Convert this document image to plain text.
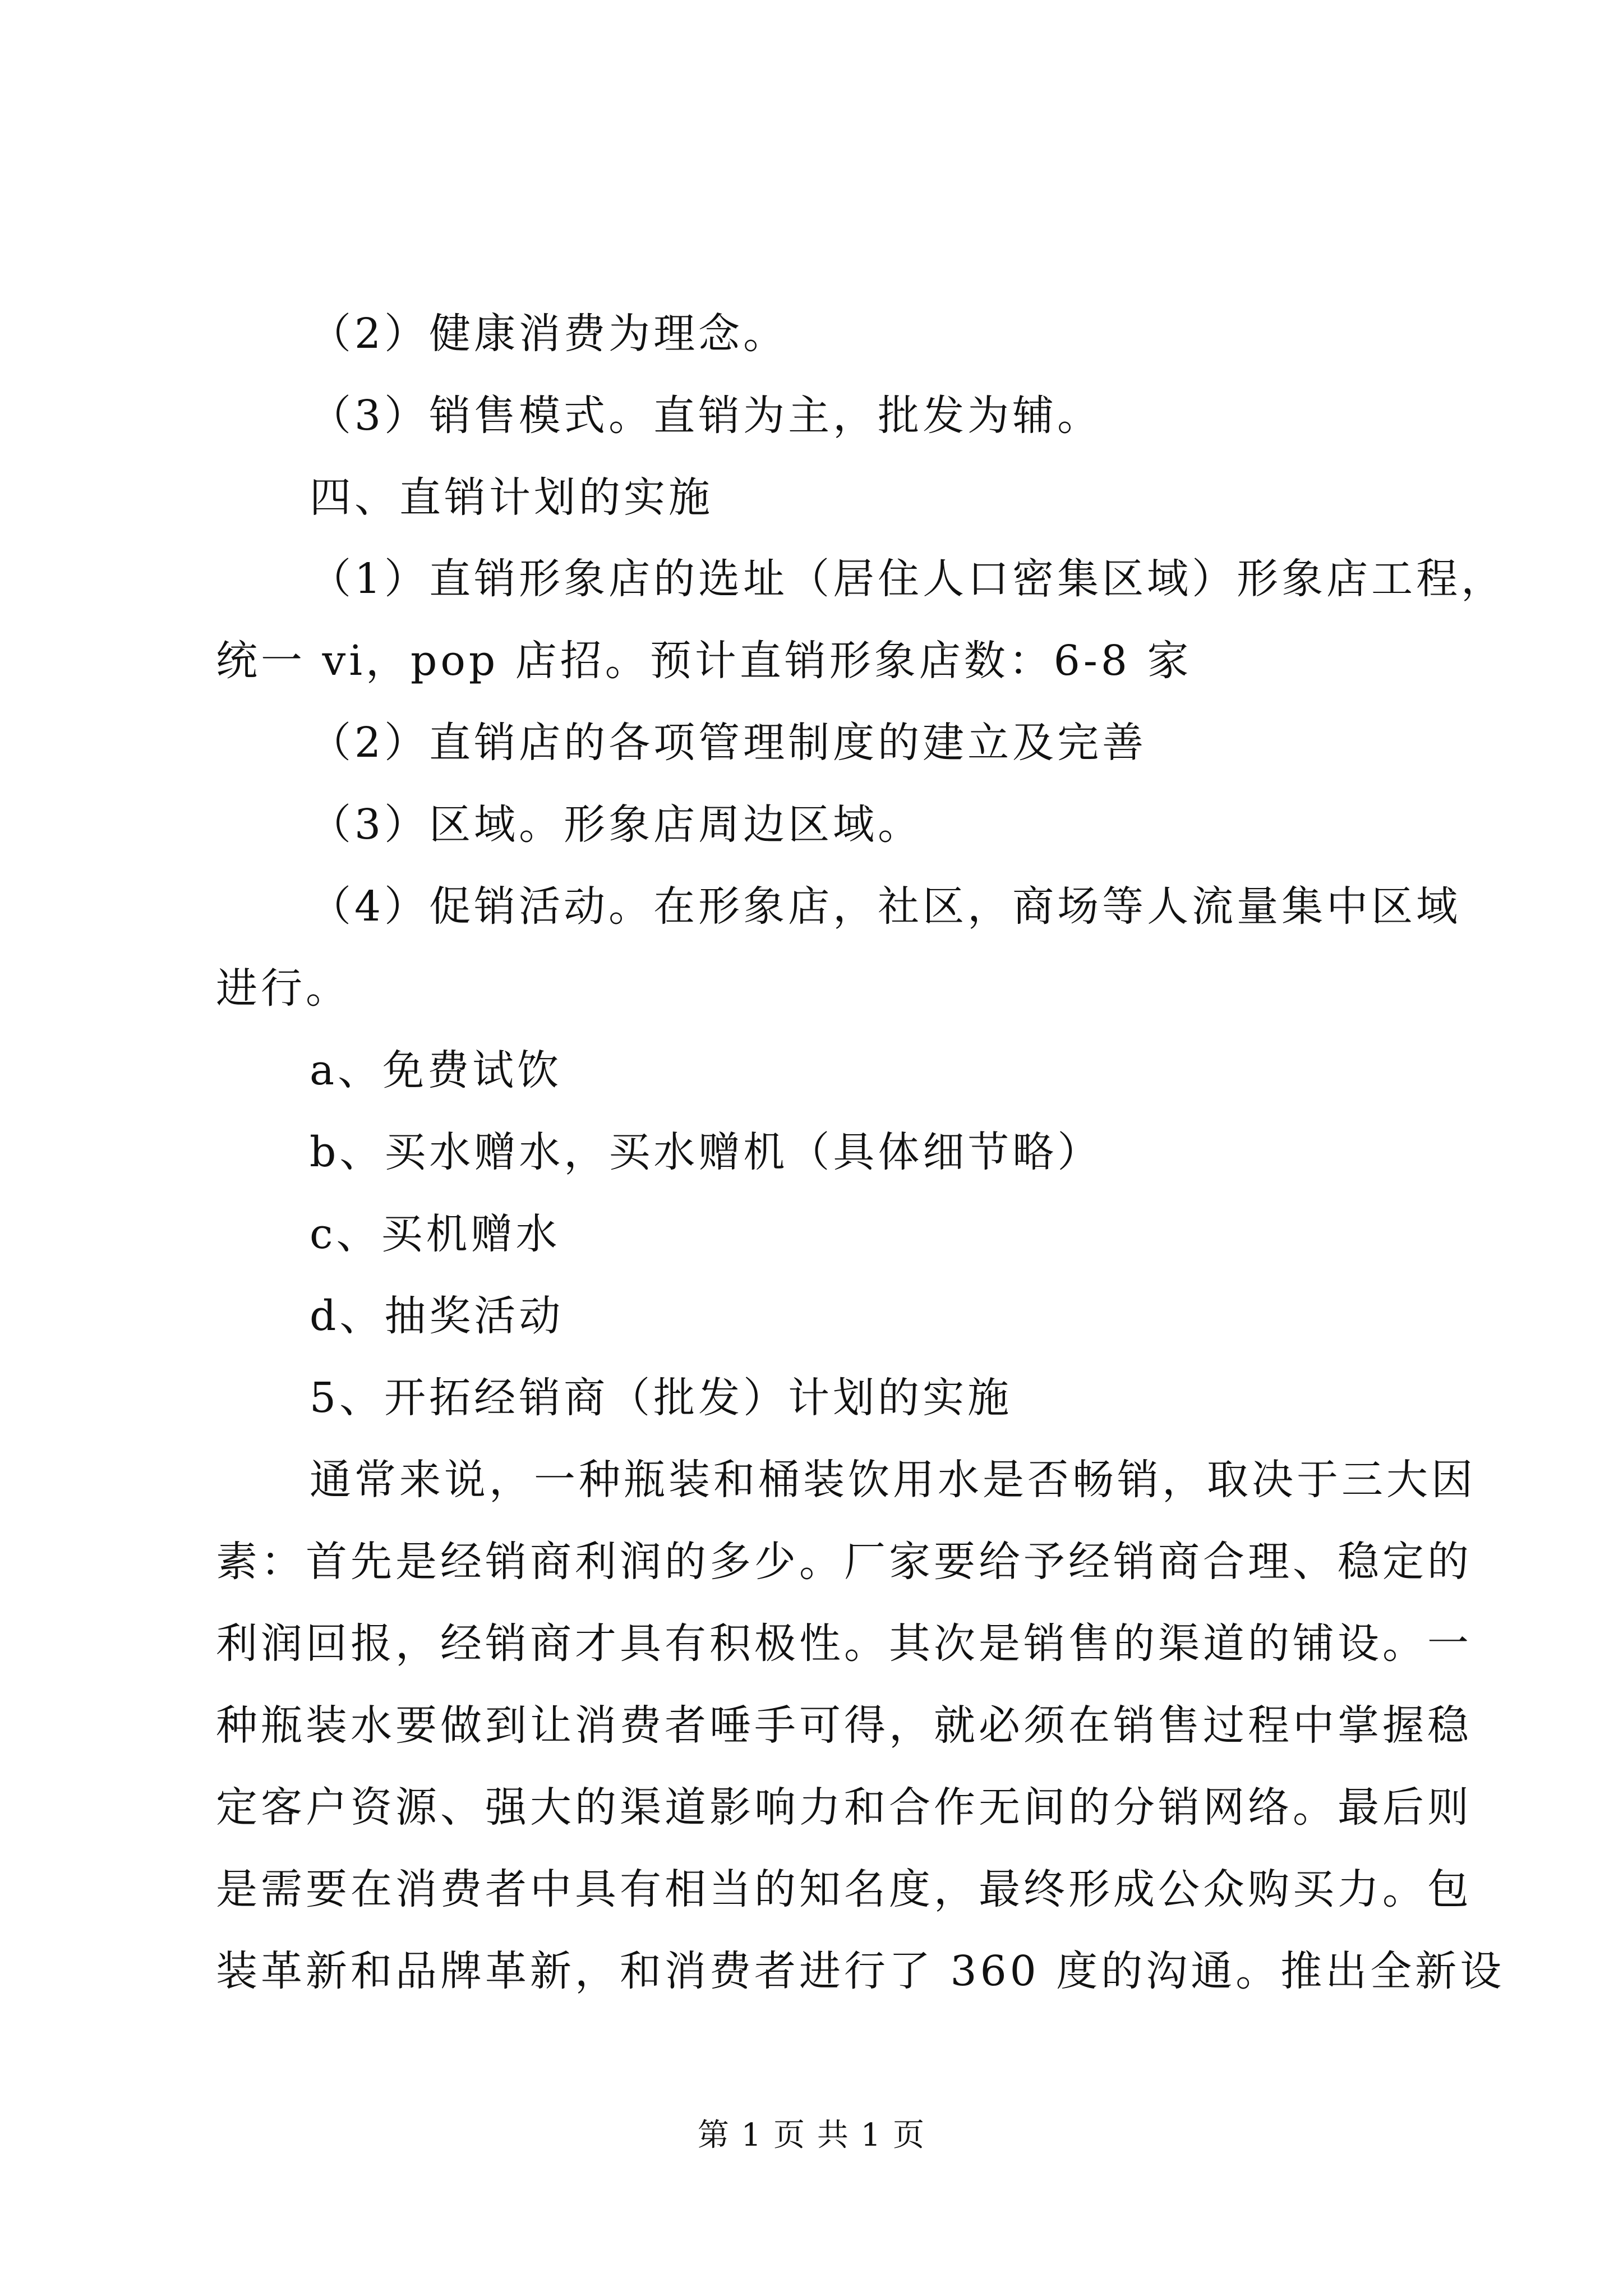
（2）健康消费为理念。

（3）销售模式。直销为主，批发为辅。

四、直销计划的实施

（1）直销形象店的选址（居住人口密集区域）形象店工程，

统一 vi，pop 店招。预计直销形象店数：6-8 家

（2）直销店的各项管理制度的建立及完善

（3）区域。形象店周边区域。

（4）促销活动。在形象店，社区，商场等人流量集中区域

进行。

a、免费试饮

b、买水赠水，买水赠机（具体细节略）

c、买机赠水

d、抽奖活动

5、开拓经销商（批发）计划的实施

通常来说，一种瓶装和桶装饮用水是否畅销，取决于三大因

素：首先是经销商利润的多少。厂家要给予经销商合理、稳定的

利润回报，经销商才具有积极性。其次是销售的渠道的铺设。一

种瓶装水要做到让消费者唾手可得，就必须在销售过程中掌握稳

定客户资源、强大的渠道影响力和合作无间的分销网络。最后则

是需要在消费者中具有相当的知名度，最终形成公众购买力。包

装革新和品牌革新，和消费者进行了 360 度的沟通。推出全新设

第 1 页 共 1 页
